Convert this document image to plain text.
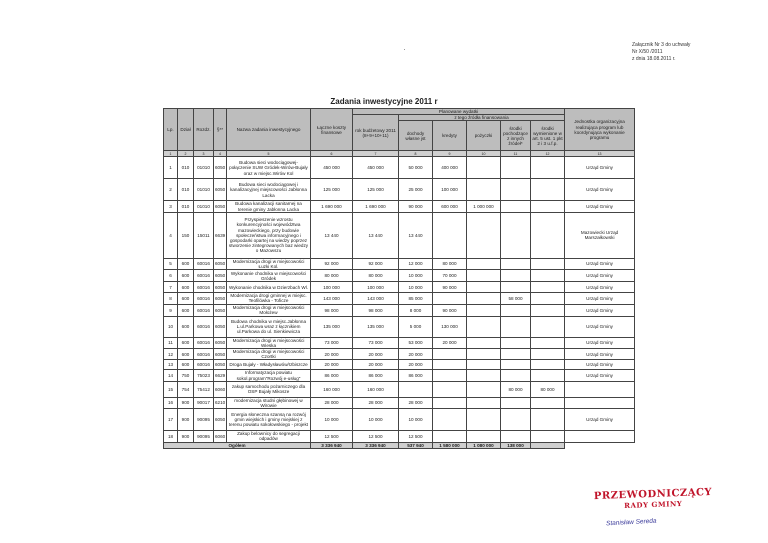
Załącznik Nr 3 do uchwały
Nr X/50 /2011
z dnia 18.08.2011 r.
Zadania inwestycyjne 2011 r
Lp.	Dział	Rozdz.	§**	Nazwa zadania inwestycyjnego	Łączne koszty finansowe	Planowane wydatki						Jednostka organizacyjna realizująca program lub koordynująca wykonanie programu
						rok budżetowy 2011 (8+9+10+11)	z tego źródła finansowania					
							dochody własne jst	kredyty	pożyczki	środki pochodzące z innych źródeł*	środki wymienione w art. 5 ust. 1 pkt 2 i 3 u.f.p.	
1	2	3	4	5	6	7	8	9	10	11	12	13
1	010	01010	6050	Budowa sieci wodociągowej- połączenie SUW Gródek-Wirów-Bujały oraz w miejsc.Wirów Kol	450 000	450 000	50 000	400 000				Urząd Gminy
2	010	01010	6050	Budowa sieci wodociągowej i kanalizacyjnej miejscowości Jabłonna Lacka	125 000	125 000	25 000	100 000				Urząd Gminy
3	010	01010	6050	Budowa kanalizacji sanitarnej na terenie gminy Jabłonna Lacka	1 690 000	1 690 000	90 000	600 000	1 000 000			Urząd Gminy
4	150	15011	6639	Przyspieszenie wzrostu konkurencyjności województwa mazowieckiego, przy budowie społeczeństwa informacyjnego i gospodarki opartej na wiedzy poprzez stworzenie zintegrowanych baz wiedzy o Mazowszu	13 440	13 440	13 440					Mazowiecki Urząd Marszałkowski
5	600	60016	6050	Modernizacja drogi w miejscowości Łuzki Kol.	92 000	92 000	12 000	80 000				Urząd Gminy
6	600	60016	6050	Wykonanie chodnika w miejscowości Gródek	80 000	80 000	10 000	70 000				Urząd Gminy
7	600	60016	6050	Wykonanie chodnika w Dzierzbach Wl.	100 000	100 000	10 000	90 000				Urząd Gminy
8	600	60016	6050	Modernizacja drogi gminnej w miejsc. Teofilówka - Toficze	143 000	143 000	85 000			58 000		Urząd Gminy
9	600	60016	6050	Modernizacja drogi w miejscowości Mołożew	98 000	98 000	8 000	90 000				Urząd Gminy
10	600	60016	6050	Budowa chodnika w miejsc.Jabłonna L.ul.Parkowa wraz z łącznikiem ul.Parkowa do ul. Sienkiewicza	135 000	135 000	5 000	130 000				Urząd Gminy
11	600	60016	6050	Modernizacja drogi w miejscowości Wieska	73 000	73 000	53 000	20 000				Urząd Gminy
12	600	60016	6050	Modernizacja drogi w miejscowości Czortki	20 000	20 000	20 000					Urząd Gminy
13	600	60016	6050	Droga Bujały - Władysławów/Izbiszcze	20 000	20 000	20 000					Urząd Gminy
14	750	75023	6629	Informatyzacja powiatu sokol.program"Rozwój e-usług"	86 000	86 000	86 000					Urząd Gminy
15	754	75412	6060	zakup samochodu pożarniczego dla OSP Bujały Mikosze	160 000	160 000				80 000	80 000	
16	900	90017	6210	modernizacja studni głębinowej w Wirowie	28 000	28 000	28 000					
17	900	90095	6050	Energia słoneczna szansą na rozwój gmin wiejskich i gminy miejskiej z terenu powiatu sokołowskiego - projekt	10 000	10 000	10 000					Urząd Gminy
18	900	90095	6060	Zakup belownicy do segregacji odpadów	12 500	12 500	12 500					
Ogółem					3 336 940	3 336 940	537 940	1 580 000	1 080 000	138 000		
PRZEWODNICZĄCY
RADY GMINY
Stanisław Sereda
